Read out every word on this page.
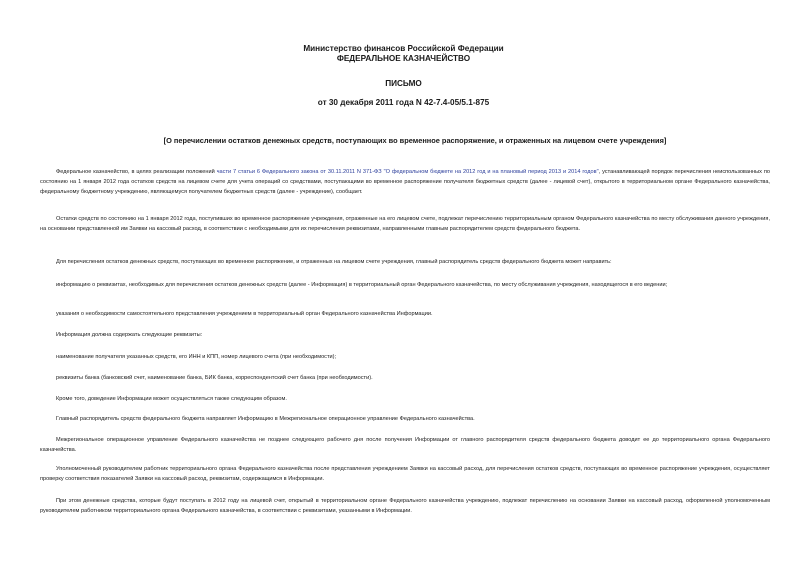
Министерство финансов Российской Федерации
ФЕДЕРАЛЬНОЕ КАЗНАЧЕЙСТВО
ПИСЬМО
от 30 декабря 2011 года N 42-7.4-05/5.1-875
[О перечислении остатков денежных средств, поступающих во временное распоряжение, и отраженных на лицевом счете учреждения]
Федеральное казначейство, в целях реализации положений части 7 статьи 6 Федерального закона от 30.11.2011 N 371-ФЗ "О федеральном бюджете на 2012 год и на плановый период 2013 и 2014 годов", устанавливающей порядок перечисления неиспользованных по состоянию на 1 января 2012 года остатков средств на лицевом счете для учета операций со средствами, поступающими во временное распоряжение получателя бюджетных средств (далее - лицевой счет), открытого в территориальном органе Федерального казначейства, федеральному бюджетному учреждению, являющемуся получателем бюджетных средств (далее - учреждение), сообщает.
Остатки средств по состоянию на 1 января 2012 года, поступивших во временное распоряжение учреждения, отраженные на его лицевом счете, подлежат перечислению территориальным органом Федерального казначейства по месту обслуживания данного учреждения, на основании представленной им Заявки на кассовый расход, в соответствии с необходимыми для их перечисления реквизитами, направленными главным распорядителем средств федерального бюджета.
Для перечисления остатков денежных средств, поступающих во временное распоряжение, и отраженных на лицевом счете учреждения, главный распорядитель средств федерального бюджета может направить:
информацию о реквизитах, необходимых для перечисления остатков денежных средств (далее - Информация) в территориальный орган Федерального казначейства, по месту обслуживания учреждения, находящегося в его ведении;
указания о необходимости самостоятельного представления учреждением в территориальный орган Федерального казначейства Информации.
Информация должна содержать следующие реквизиты:
наименование получателя указанных средств, его ИНН и КПП, номер лицевого счета (при необходимости);
реквизиты банка (банковский счет, наименование банка, БИК банка, корреспондентский счет банка (при необходимости).
Кроме того, доведение Информации может осуществляться также следующим образом.
Главный распорядитель средств федерального бюджета направляет Информацию в Межрегиональное операционное управление Федерального казначейства.
Межрегиональное операционное управление Федерального казначейства не позднее следующего рабочего дня после получения Информации от главного распорядителя средств федерального бюджета доводит ее до территориального органа Федерального казначейства.
Уполномоченный руководителем работник территориального органа Федерального казначейства после представления учреждением Заявки на кассовый расход, для перечисления остатков средств, поступающих во временное распоряжение учреждения, осуществляет проверку соответствия показателей Заявки на кассовый расход, реквизитам, содержащимся в Информации.
При этом денежные средства, которые будут поступать в 2012 году на лицевой счет, открытый в территориальном органе Федерального казначейства учреждению, подлежат перечислению на основании Заявки на кассовый расход, оформленной уполномоченным руководителем работником территориального органа Федерального казначейства, в соответствии с реквизитами, указанными в Информации.
